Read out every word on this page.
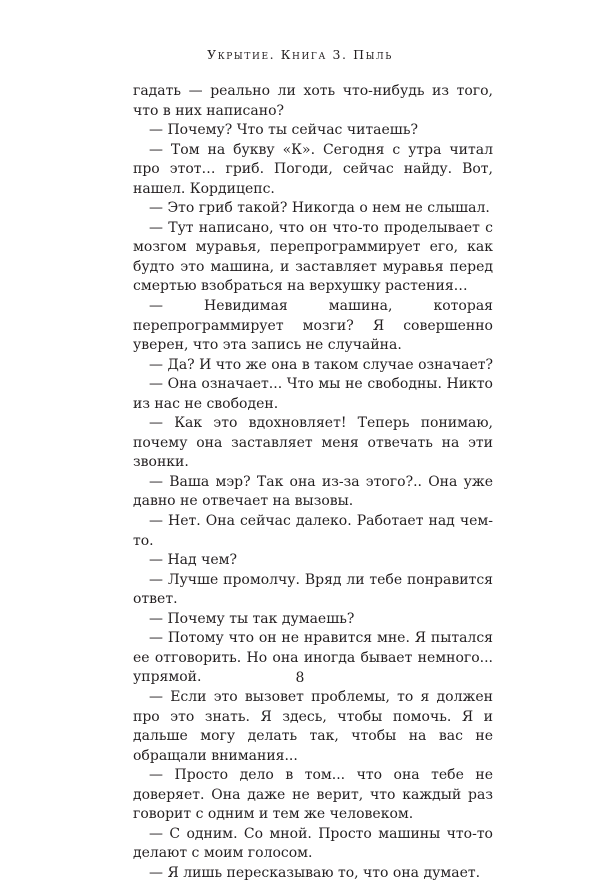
Укрытие. Книга 3. Пыль

гадать — реально ли хоть что-нибудь из того, что в них написано?

— Почему? Что ты сейчас читаешь?

— Том на букву «К». Сегодня с утра читал про этот… гриб. Погоди, сейчас найду. Вот, нашел. Кордицепс.

— Это гриб такой? Никогда о нем не слышал.

— Тут написано, что он что-то проделывает с мозгом муравья, перепрограммирует его, как будто это машина, и заставляет муравья перед смертью взобраться на верхушку растения…

— Невидимая машина, которая перепрограммирует мозги? Я совершенно уверен, что эта запись не случайна.

— Да? И что же она в таком случае означает?

— Она означает... Что мы не свободны. Никто из нас не свободен.

— Как это вдохновляет! Теперь понимаю, почему она заставляет меня отвечать на эти звонки.

— Ваша мэр? Так она из-за этого?.. Она уже давно не отвечает на вызовы.

— Нет. Она сейчас далеко. Работает над чем-то.

— Над чем?

— Лучше промолчу. Вряд ли тебе понравится ответ.

— Почему ты так думаешь?

— Потому что он не нравится мне. Я пытался ее отговорить. Но она иногда бывает немного... упрямой.

— Если это вызовет проблемы, то я должен про это знать. Я здесь, чтобы помочь. Я и дальше могу делать так, чтобы на вас не обращали внимания...

— Просто дело в том... что она тебе не доверяет. Она даже не верит, что каждый раз говорит с одним и тем же человеком.

— С одним. Со мной. Просто машины что-то делают с моим голосом.

— Я лишь пересказываю то, что она думает.

8
